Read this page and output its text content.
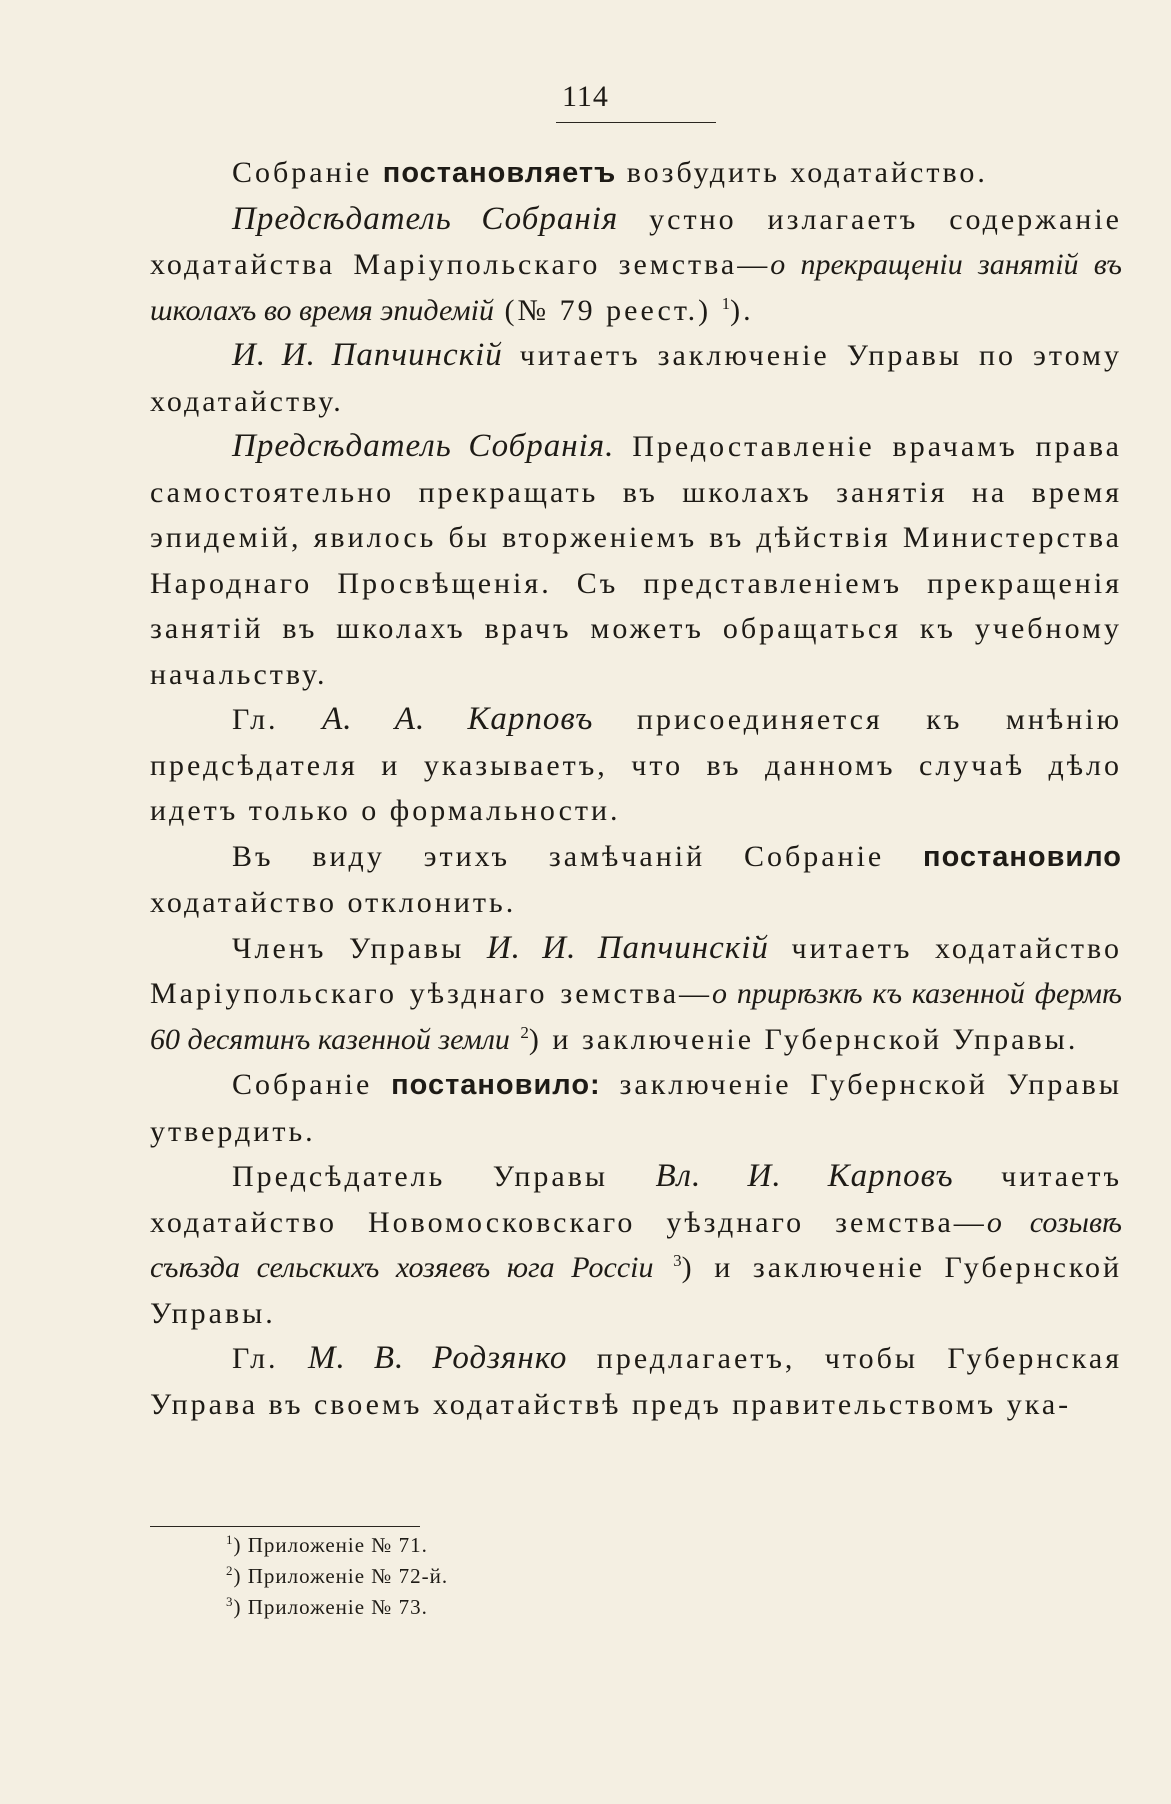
114

Собраніе постановляетъ возбудить ходатайство.

Предсѣдатель Собранія устно излагаетъ содержаніе ходатайства Маріупольскаго земства—о прекращеніи занятій въ школахъ во время эпидемій (№ 79 реест.) $^1$).

И. И. Папчинскій читаетъ заключеніе Управы по этому ходатайству.

Предсѣдатель Собранія. Предоставленіе врачамъ права самостоятельно прекращать въ школахъ занятія на время эпидемій, явилось бы вторженіемъ въ дѣйствія Министерства Народнаго Просвѣщенія. Съ представленіемъ прекращенія занятій въ школахъ врачъ можетъ обращаться къ учебному начальству.

Гл. А. А. Карповъ присоединяется къ мнѣнію предсѣдателя и указываетъ, что въ данномъ случаѣ дѣло идетъ только о формальности.

Въ виду этихъ замѣчаній Собраніе постановило ходатайство отклонить.

Членъ Управы И. И. Папчинскій читаетъ ходатайство Маріупольскаго уѣзднаго земства—о прирѣзкѣ къ казенной фермѣ 60 десятинъ казенной земли $^2$) и заключеніе Губернской Управы.

Собраніе постановило: заключеніе Губернской Управы утвердить.

Предсѣдатель Управы Вл. И. Карповъ читаетъ ходатайство Новомосковскаго уѣзднаго земства—о созывѣ съѣзда сельскихъ хозяевъ юга Россіи $^3$) и заключеніе Губернской Управы.

Гл. М. В. Родзянко предлагаетъ, чтобы Губернская Управа въ своемъ ходатайствѣ предъ правительствомъ ука-

$^1$) Приложеніе № 71.
$^2$) Приложеніе № 72-й.
$^3$) Приложеніе № 73.
